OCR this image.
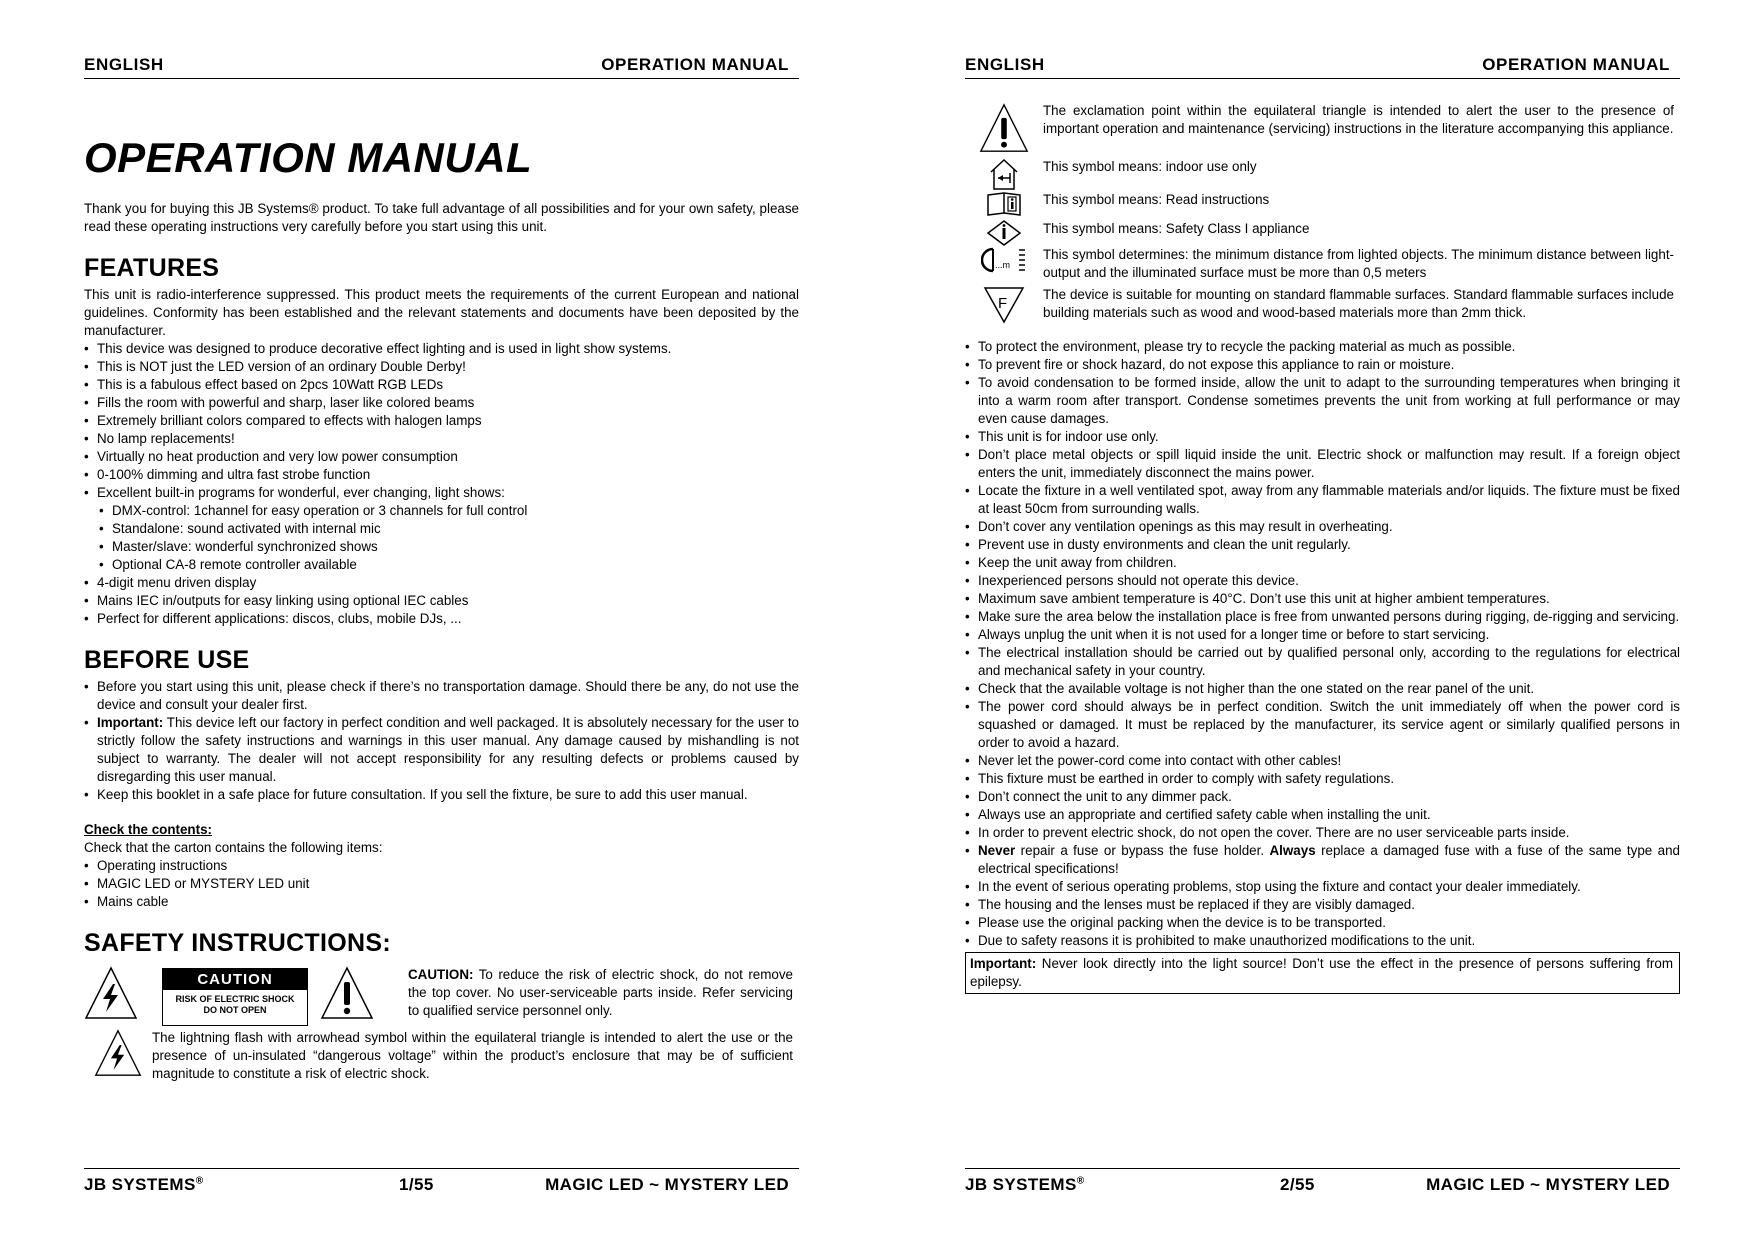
ENGLISH	OPERATION MANUAL
OPERATION MANUAL

Thank you for buying this JB Systems® product. To take full advantage of all possibilities and for your own safety, please read these operating instructions very carefully before you start using this unit.

FEATURES

This unit is radio-interference suppressed. This product meets the requirements of the current European and national guidelines. Conformity has been established and the relevant statements and documents have been deposited by the manufacturer.

• This device was designed to produce decorative effect lighting and is used in light show systems.
• This is NOT just the LED version of an ordinary Double Derby!
• This is a fabulous effect based on 2pcs 10Watt RGB LEDs
• Fills the room with powerful and sharp, laser like colored beams
• Extremely brilliant colors compared to effects with halogen lamps
• No lamp replacements!
• Virtually no heat production and very low power consumption
• 0-100% dimming and ultra fast strobe function
• Excellent built-in programs for wonderful, ever changing, light shows:
• DMX-control: 1channel for easy operation or 3 channels for full control
• Standalone: sound activated with internal mic
• Master/slave: wonderful synchronized shows
• Optional CA-8 remote controller available
• 4-digit menu driven display
• Mains IEC in/outputs for easy linking using optional IEC cables
• Perfect for different applications: discos, clubs, mobile DJs, ...
BEFORE USE
• Before you start using this unit, please check if there’s no transportation damage. Should there be any, do not use the device and consult your dealer first.
• Important: This device left our factory in perfect condition and well packaged. It is absolutely necessary for the user to strictly follow the safety instructions and warnings in this user manual. Any damage caused by mishandling is not subject to warranty. The dealer will not accept responsibility for any resulting defects or problems caused by disregarding this user manual.
• Keep this booklet in a safe place for future consultation. If you sell the fixture, be sure to add this user manual.

Check the contents:

Check that the carton contains the following items:

• Operating instructions
• MAGIC LED or MYSTERY LED unit
• Mains cable
SAFETY INSTRUCTIONS:
CAUTION
RISK OF ELECTRIC SHOCK
DO NOT OPEN
CAUTION: To reduce the risk of electric shock, do not remove the top cover. No user-serviceable parts inside. Refer servicing to qualified service personnel only.

The lightning flash with arrowhead symbol within the equilateral triangle is intended to alert the use or the presence of un-insulated “dangerous voltage” within the product’s enclosure that may be of sufficient magnitude to constitute a risk of electric shock.

JB SYSTEMS®	1/55	MAGIC LED ~ MYSTERY LED
ENGLISH	OPERATION MANUAL

The exclamation point within the equilateral triangle is intended to alert the user to the presence of important operation and maintenance (servicing) instructions in the literature accompanying this appliance.

This symbol means: indoor use only

This symbol means: Read instructions

This symbol means: Safety Class I appliance

...m

This symbol determines: the minimum distance from lighted objects. The minimum distance between light-output and the illuminated surface must be more than 0,5 meters

F

The device is suitable for mounting on standard flammable surfaces. Standard flammable surfaces include building materials such as wood and wood-based materials more than 2mm thick.

• To protect the environment, please try to recycle the packing material as much as possible.
• To prevent fire or shock hazard, do not expose this appliance to rain or moisture.
• To avoid condensation to be formed inside, allow the unit to adapt to the surrounding temperatures when bringing it into a warm room after transport. Condense sometimes prevents the unit from working at full performance or may even cause damages.
• This unit is for indoor use only.
• Don’t place metal objects or spill liquid inside the unit. Electric shock or malfunction may result. If a foreign object enters the unit, immediately disconnect the mains power.
• Locate the fixture in a well ventilated spot, away from any flammable materials and/or liquids. The fixture must be fixed at least 50cm from surrounding walls.
• Don’t cover any ventilation openings as this may result in overheating.
• Prevent use in dusty environments and clean the unit regularly.
• Keep the unit away from children.
• Inexperienced persons should not operate this device.
• Maximum save ambient temperature is 40°C. Don’t use this unit at higher ambient temperatures.
• Make sure the area below the installation place is free from unwanted persons during rigging, de-rigging and servicing.
• Always unplug the unit when it is not used for a longer time or before to start servicing.
• The electrical installation should be carried out by qualified personal only, according to the regulations for electrical and mechanical safety in your country.
• Check that the available voltage is not higher than the one stated on the rear panel of the unit.
• The power cord should always be in perfect condition. Switch the unit immediately off when the power cord is squashed or damaged. It must be replaced by the manufacturer, its service agent or similarly qualified persons in order to avoid a hazard.
• Never let the power-cord come into contact with other cables!
• This fixture must be earthed in order to comply with safety regulations.
• Don’t connect the unit to any dimmer pack.
• Always use an appropriate and certified safety cable when installing the unit.
• In order to prevent electric shock, do not open the cover. There are no user serviceable parts inside.
• Never repair a fuse or bypass the fuse holder. Always replace a damaged fuse with a fuse of the same type and electrical specifications!
• In the event of serious operating problems, stop using the fixture and contact your dealer immediately.
• The housing and the lenses must be replaced if they are visibly damaged.
• Please use the original packing when the device is to be transported.
• Due to safety reasons it is prohibited to make unauthorized modifications to the unit.
Important: Never look directly into the light source! Don’t use the effect in the presence of persons suffering from epilepsy.
JB SYSTEMS®	2/55	MAGIC LED ~ MYSTERY LED
